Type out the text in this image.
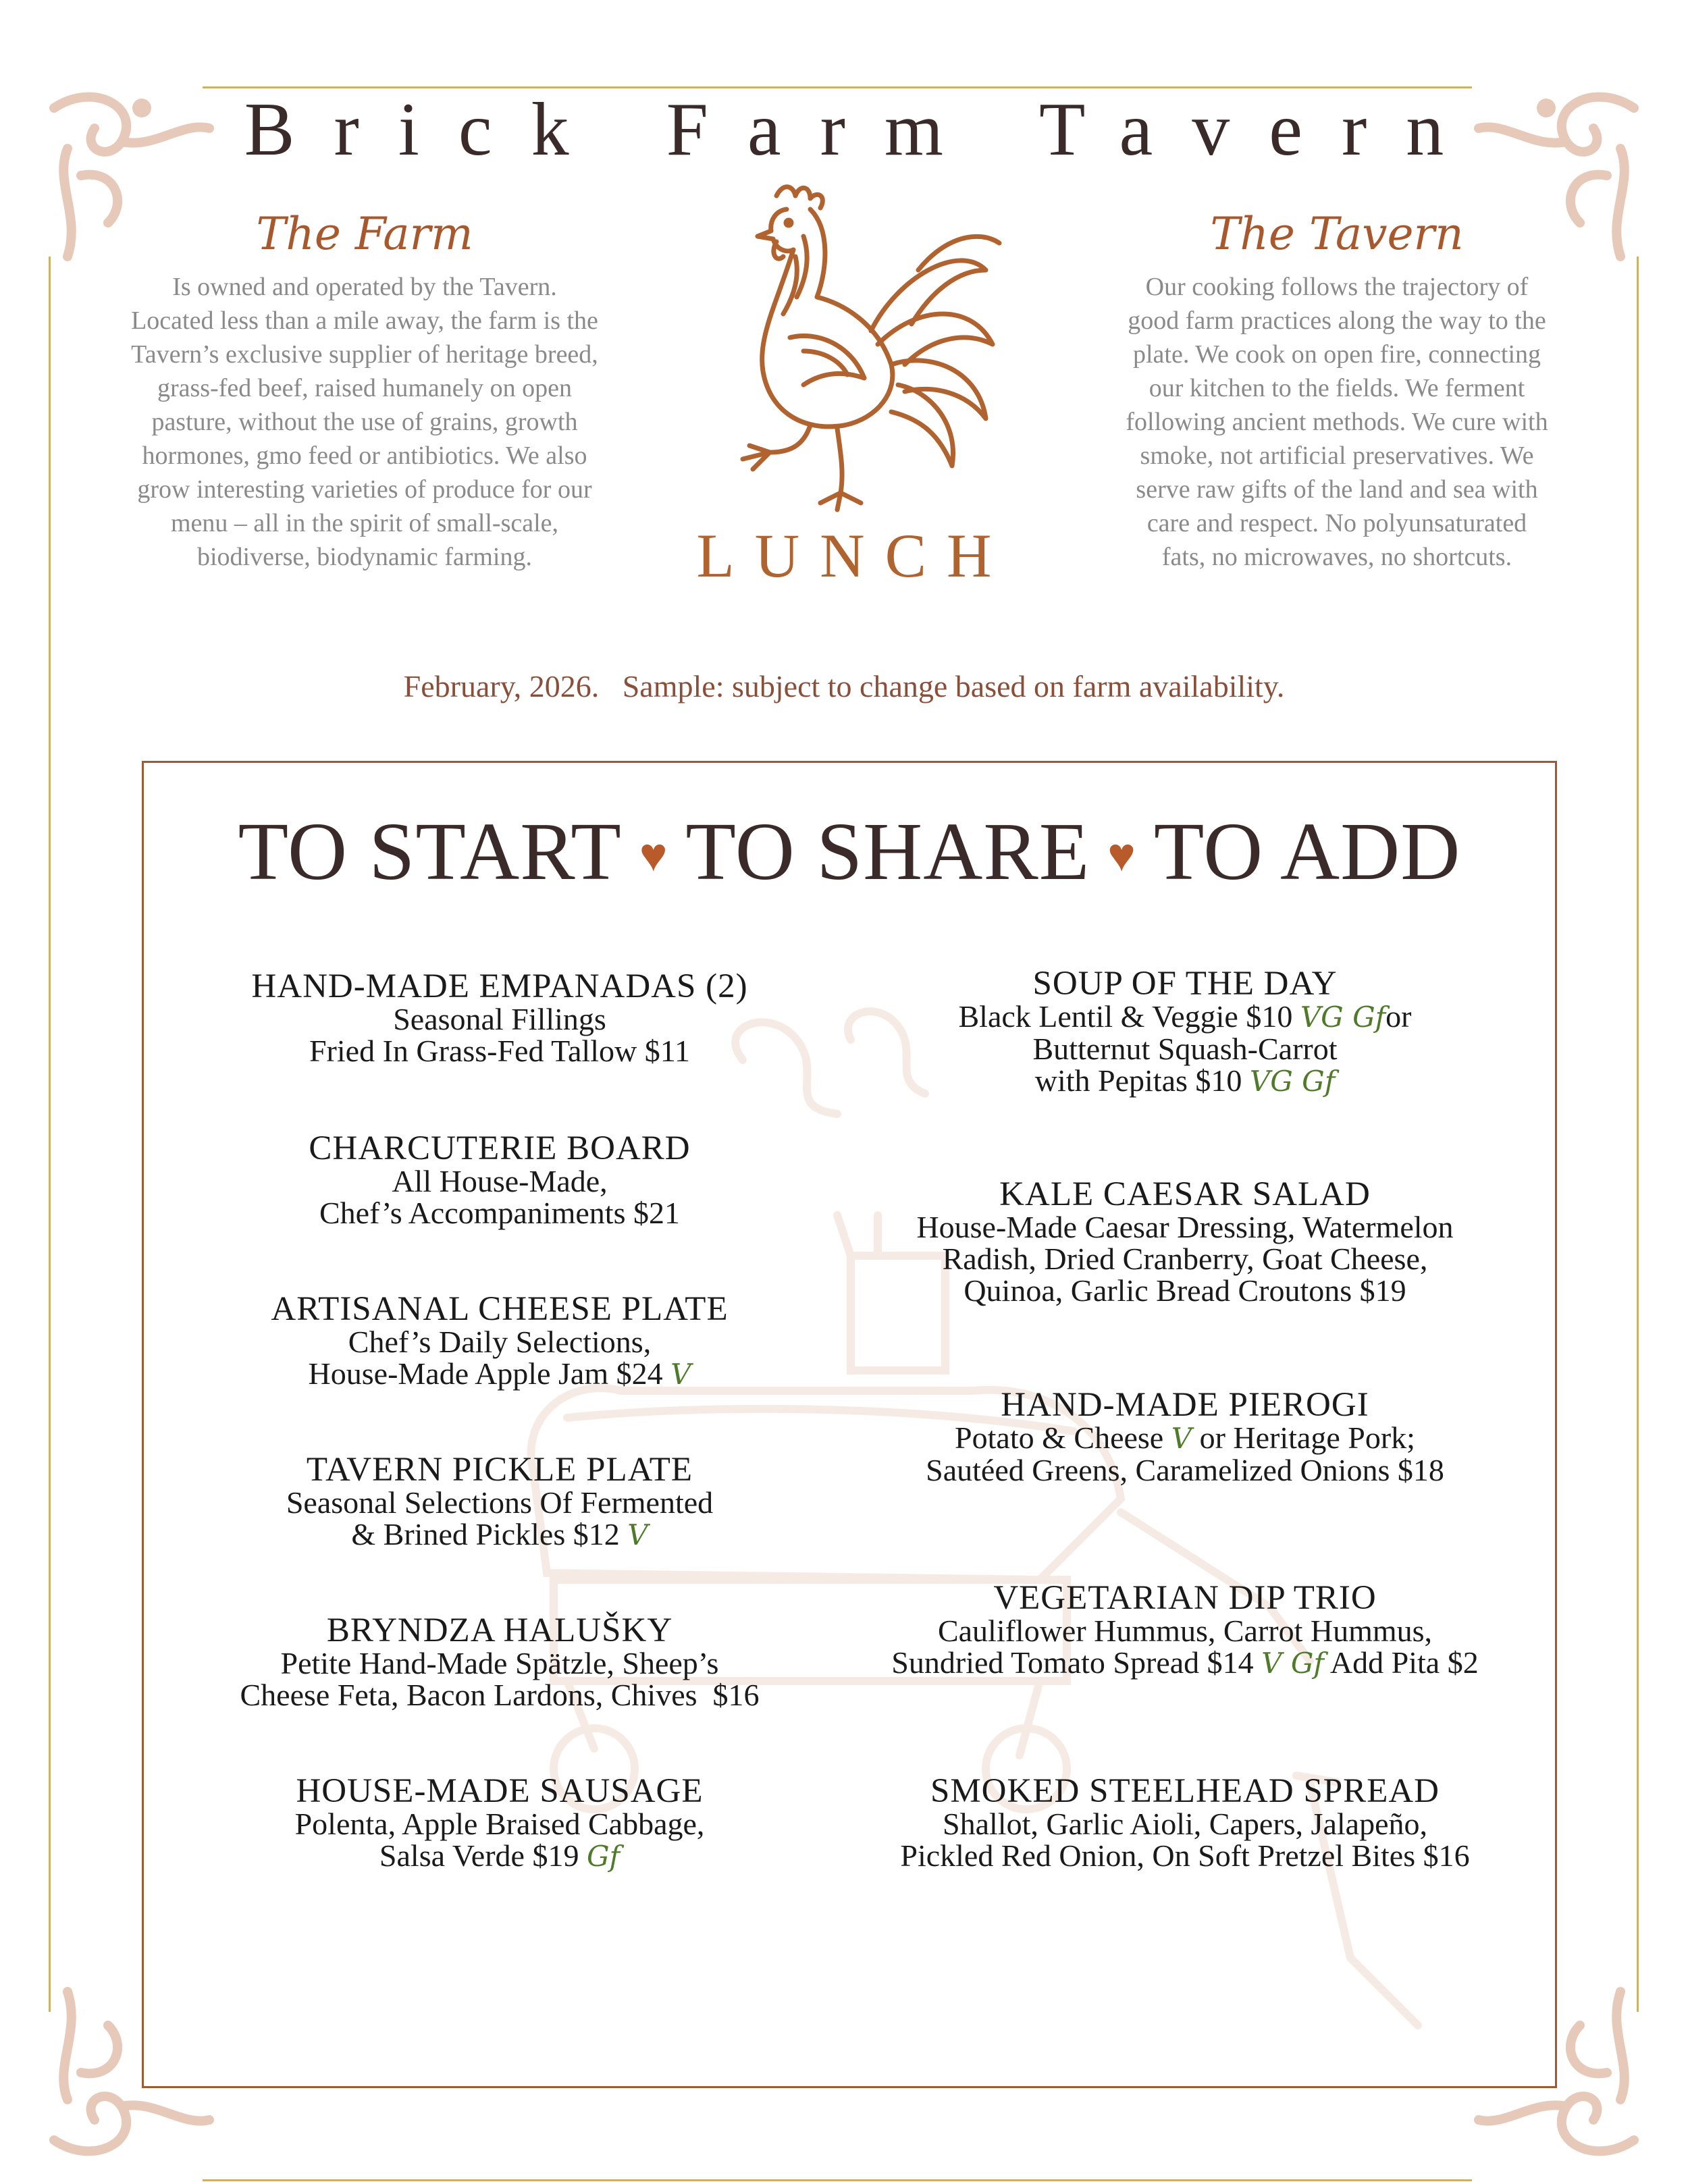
Brick Farm Tavern
The Farm
Is owned and operated by the Tavern.
Located less than a mile away, the farm is the
Tavern’s exclusive supplier of heritage breed,
grass-fed beef, raised humanely on open
pasture, without the use of grains, growth
hormones, gmo feed or antibiotics. We also
grow interesting varieties of produce for our
menu – all in the spirit of small-scale,
biodiverse, biodynamic farming.
The Tavern
Our cooking follows the trajectory of
good farm practices along the way to the
plate. We cook on open fire, connecting
our kitchen to the fields. We ferment
following ancient methods. We cure with
smoke, not artificial preservatives. We
serve raw gifts of the land and sea with
care and respect. No polyunsaturated
fats, no microwaves, no shortcuts.
LUNCH
February, 2026.   Sample: subject to change based on farm availability.
TO START ♥ TO SHARE ♥ TO ADD
HAND-MADE EMPANADAS (2)
Seasonal Fillings
Fried In Grass-Fed Tallow $11
CHARCUTERIE BOARD
All House-Made,
Chef’s Accompaniments $21
ARTISANAL CHEESE PLATE
Chef’s Daily Selections,
House-Made Apple Jam $24 V
TAVERN PICKLE PLATE
Seasonal Selections Of Fermented
& Brined Pickles $12 V
BRYNDZA HALUŠKY
Petite Hand-Made Spätzle, Sheep’s
Cheese Feta, Bacon Lardons, Chives  $16
HOUSE-MADE SAUSAGE
Polenta, Apple Braised Cabbage,
Salsa Verde $19 Gf
SOUP OF THE DAY
Black Lentil & Veggie $10 VG Gfor
Butternut Squash-Carrot
with Pepitas $10 VG Gf
KALE CAESAR SALAD
House-Made Caesar Dressing, Watermelon
Radish, Dried Cranberry, Goat Cheese,
Quinoa, Garlic Bread Croutons $19
HAND-MADE PIEROGI
Potato & Cheese V or Heritage Pork;
Sautéed Greens, Caramelized Onions $18
VEGETARIAN DIP TRIO
Cauliflower Hummus, Carrot Hummus,
Sundried Tomato Spread $14 V Gf Add Pita $2
SMOKED STEELHEAD SPREAD
Shallot, Garlic Aioli, Capers, Jalapeño,
Pickled Red Onion, On Soft Pretzel Bites $16
